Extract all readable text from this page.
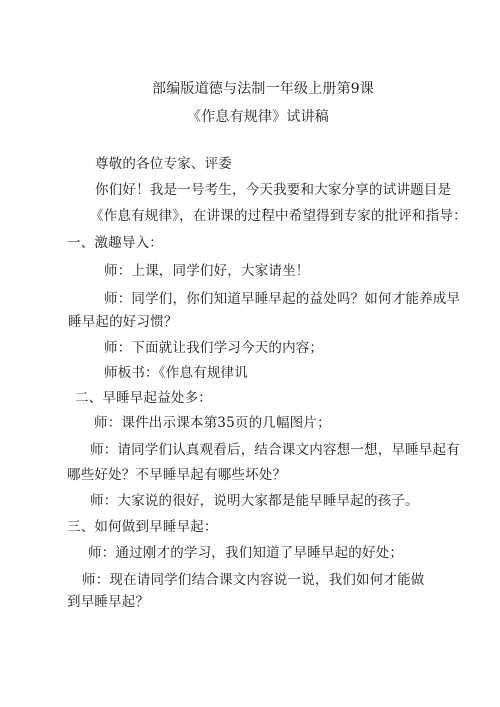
部编版道德与法制一年级上册第9课
《作息有规律》试讲稿
尊敬的各位专家、评委
你们好！我是一号考生，今天我要和大家分享的试讲题目是
《作息有规律》，在讲课的过程中希望得到专家的批评和指导：
一、激趣导入：
师：上课，同学们好，大家请坐！
师：同学们，你们知道早睡早起的益处吗？如何才能养成早
睡早起的好习惯？
师：下面就让我们学习今天的内容；
师板书：《作息有规律讥
二、早睡早起益处多：
师：课件出示课本第35页的几幅图片；
师：请同学们认真观看后，结合课文内容想一想，早睡早起有
哪些好处？不早睡早起有哪些坏处？
师：大家说的很好，说明大家都是能早睡早起的孩子。
三、如何做到早睡早起：
师：通过刚才的学习，我们知道了早睡早起的好处；
师：现在请同学们结合课文内容说一说，我们如何才能做
到早睡早起？
